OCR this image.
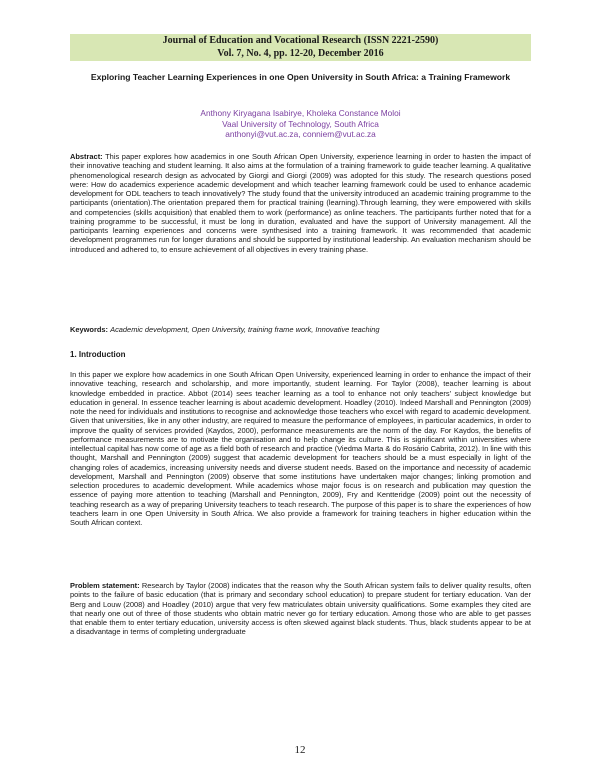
Journal of Education and Vocational Research (ISSN 2221-2590)
Vol. 7, No. 4, pp. 12-20, December 2016
Exploring Teacher Learning Experiences in one Open University in South Africa: a Training Framework
Anthony Kiryagana Isabirye, Kholeka Constance Moloi
Vaal University of Technology, South Africa
anthonyi@vut.ac.za, conniem@vut.ac.za

Abstract: This paper explores how academics in one South African Open University, experience learning in order to hasten the impact of their innovative teaching and student learning. It also aims at the formulation of a training framework to guide teacher learning. A qualitative phenomenological research design as advocated by Giorgi and Giorgi (2009) was adopted for this study. The research questions posed were: How do academics experience academic development and which teacher learning framework could be used to enhance academic development for ODL teachers to teach innovatively? The study found that the university introduced an academic training programme to the participants (orientation).The orientation prepared them for practical training (learning).Through learning, they were empowered with skills and competencies (skills acquisition) that enabled them to work (performance) as online teachers. The participants further noted that for a training programme to be successful, it must be long in duration, evaluated and have the support of University management. All the participants learning experiences and concerns were synthesised into a training framework. It was recommended that academic development programmes run for longer durations and should be supported by institutional leadership. An evaluation mechanism should be introduced and adhered to, to ensure achievement of all objectives in every training phase.

Keywords: Academic development, Open University, training frame work, Innovative teaching

1. Introduction

In this paper we explore how academics in one South African Open University, experienced learning in order to enhance the impact of their innovative teaching, research and scholarship, and more importantly, student learning. For Taylor (2008), teacher learning is about knowledge embedded in practice. Abbot (2014) sees teacher learning as a tool to enhance not only teachers' subject knowledge but education in general. In essence teacher learning is about academic development. Hoadley (2010). Indeed Marshall and Pennington (2009) note the need for individuals and institutions to recognise and acknowledge those teachers who excel with regard to academic development. Given that universities, like in any other industry, are required to measure the performance of employees, in particular academics, in order to improve the quality of services provided (Kaydos, 2000), performance measurements are the norm of the day. For Kaydos, the benefits of performance measurements are to motivate the organisation and to help change its culture. This is significant within universities where intellectual capital has now come of age as a field both of research and practice (Viedma Marta & do Rosário Cabrita, 2012). In line with this thought, Marshall and Pennington (2009) suggest that academic development for teachers should be a must especially in light of the changing roles of academics, increasing university needs and diverse student needs. Based on the importance and necessity of academic development, Marshall and Pennington (2009) observe that some institutions have undertaken major changes; linking promotion and selection procedures to academic development. While academics whose major focus is on research and publication may question the essence of paying more attention to teaching (Marshall and Pennington, 2009), Fry and Kentteridge (2009) point out the necessity of teaching research as a way of preparing University teachers to teach research. The purpose of this paper is to share the experiences of how teachers learn in one Open University in South Africa. We also provide a framework for training teachers in higher education within the South African context.

Problem statement: Research by Taylor (2008) indicates that the reason why the South African system fails to deliver quality results, often points to the failure of basic education (that is primary and secondary school education) to prepare student for tertiary education. Van der Berg and Louw (2008) and Hoadley (2010) argue that very few matriculates obtain university qualifications. Some examples they cited are that nearly one out of three of those students who obtain matric never go for tertiary education. Among those who are able to get passes that enable them to enter tertiary education, university access is often skewed against black students. Thus, black students appear to be at a disadvantage in terms of completing undergraduate

12
